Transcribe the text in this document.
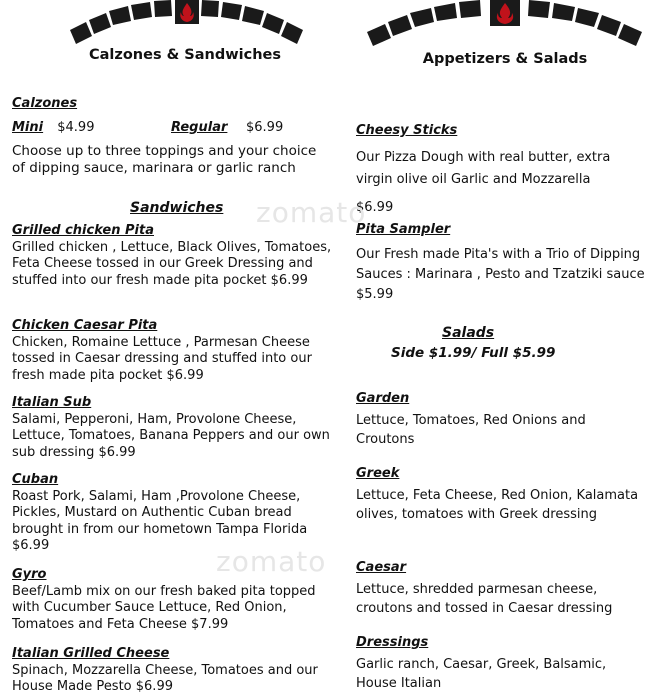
Calzones & Sandwiches
Calzones
Mini $4.99	Regular $6.99
Choose up to three toppings and your choice of dipping sauce, marinara or garlic ranch
Sandwiches
Grilled chicken Pita
Grilled chicken , Lettuce, Black Olives, Tomatoes, Feta Cheese tossed in our Greek Dressing and stuffed into our fresh made pita pocket $6.99
Chicken Caesar Pita
Chicken, Romaine Lettuce , Parmesan Cheese tossed in Caesar dressing and stuffed into our fresh made pita pocket $6.99
Italian Sub
Salami, Pepperoni, Ham, Provolone Cheese, Lettuce, Tomatoes, Banana Peppers and our own sub dressing $6.99
Cuban
Roast Pork, Salami, Ham ,Provolone Cheese, Pickles, Mustard on Authentic Cuban bread brought in from our hometown Tampa Florida $6.99
Gyro
Beef/Lamb mix on our fresh baked pita topped with Cucumber Sauce Lettuce, Red Onion, Tomatoes and Feta Cheese $7.99
Italian Grilled Cheese
Spinach, Mozzarella Cheese, Tomatoes and our House Made Pesto $6.99
Appetizers & Salads
Cheesy Sticks
Our Pizza Dough with real butter, extra virgin olive oil Garlic and Mozzarella
$6.99
Pita Sampler
Our Fresh made Pita's with a Trio of Dipping Sauces : Marinara , Pesto and Tzatziki sauce $5.99
Salads
Side $1.99/ Full $5.99
Garden
Lettuce, Tomatoes, Red Onions and Croutons
Greek
Lettuce, Feta Cheese, Red Onion, Kalamata olives, tomatoes with Greek dressing
Caesar
Lettuce, shredded parmesan cheese, croutons and tossed in Caesar dressing
Dressings
Garlic ranch, Caesar, Greek, Balsamic, House Italian
zomato
zomato
